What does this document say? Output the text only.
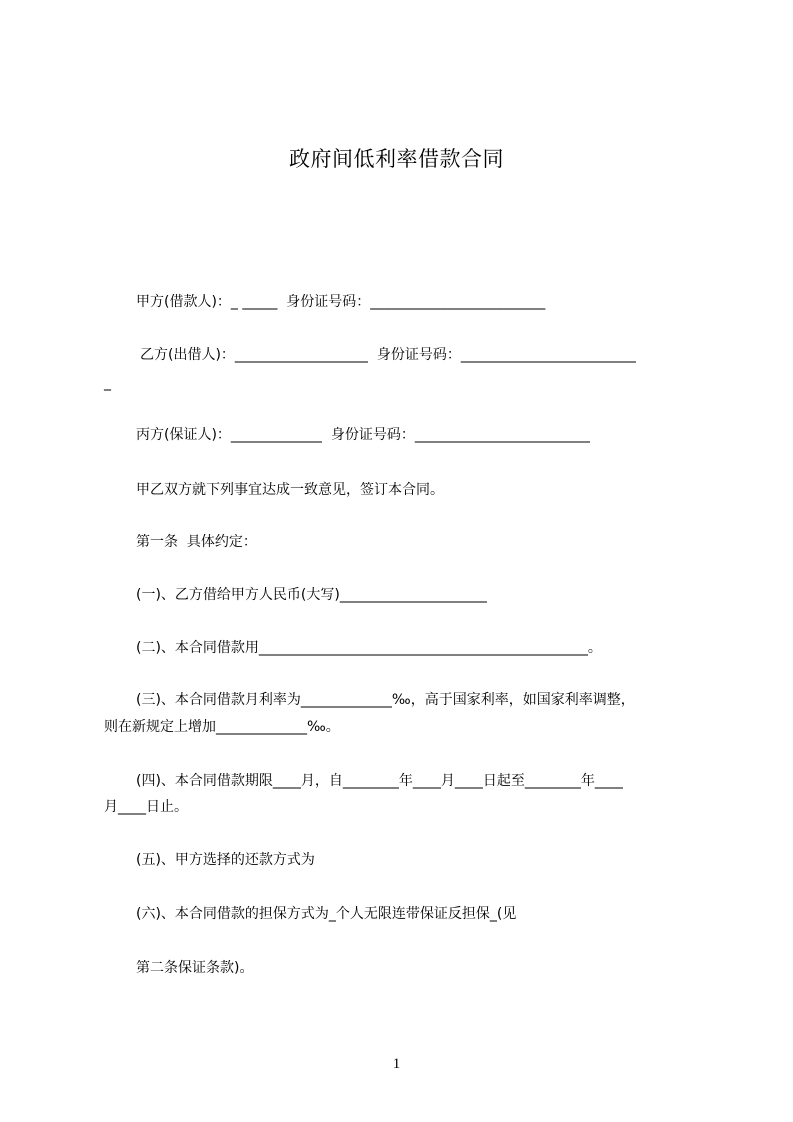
政府间低利率借款合同
甲方(借款人)：_ _____  身份证号码：_________________________
乙方(出借人)：___________________  身份证号码：_________________________
_
丙方(保证人)：_____________  身份证号码：_________________________
甲乙双方就下列事宜达成一致意见，签订本合同。
第一条  具体约定：
(一)、乙方借给甲方人民币(大写)_____________________
(二)、本合同借款用_______________________________________________。
(三)、本合同借款月利率为_____________‰，高于国家利率，如国家利率调整，
则在新规定上增加_____________‰。
(四)、本合同借款期限____月，自________年____月____日起至________年____
月____日止。
(五)、甲方选择的还款方式为
(六)、本合同借款的担保方式为_个人无限连带保证反担保_(见
第二条保证条款)。
1
